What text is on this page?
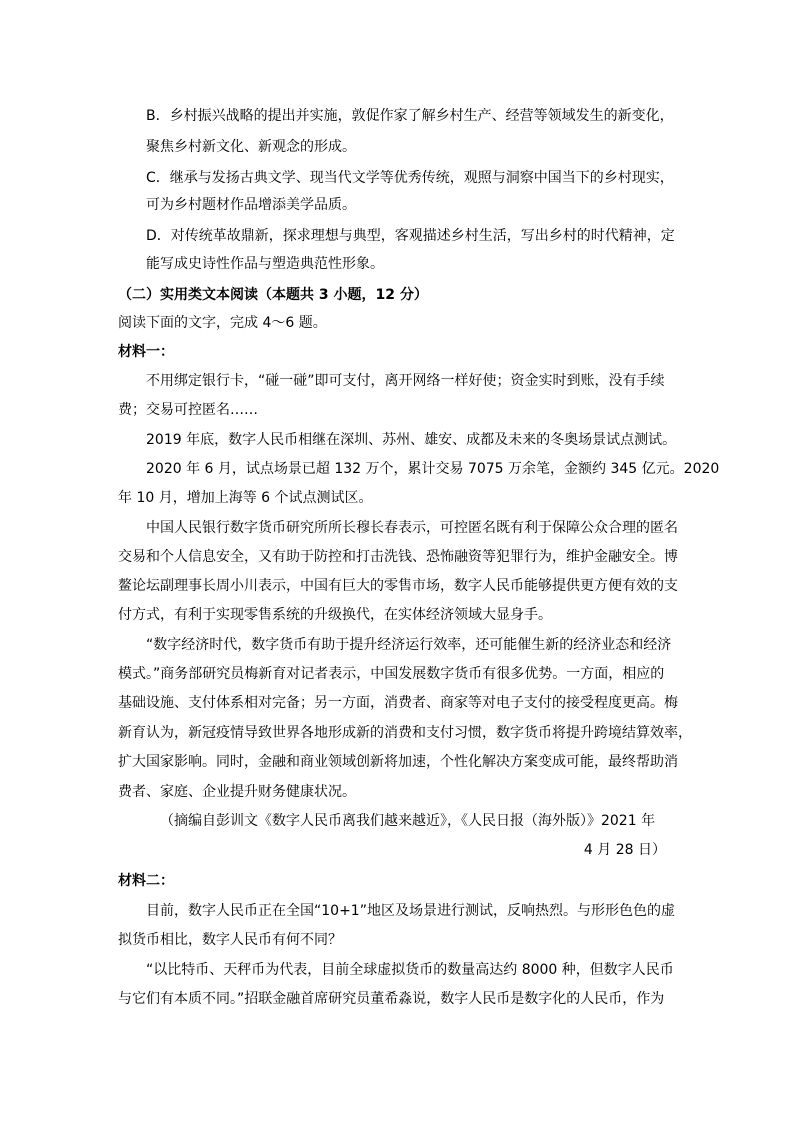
B．乡村振兴战略的提出并实施，敦促作家了解乡村生产、经营等领域发生的新变化，
聚焦乡村新文化、新观念的形成。
C．继承与发扬古典文学、现当代文学等优秀传统，观照与洞察中国当下的乡村现实，
可为乡村题材作品增添美学品质。
D．对传统革故鼎新，探求理想与典型，客观描述乡村生活，写出乡村的时代精神，定
能写成史诗性作品与塑造典范性形象。
（二）实用类文本阅读（本题共 3 小题，12 分）
阅读下面的文字，完成 4～6 题。
材料一：
不用绑定银行卡，“碰一碰”即可支付，离开网络一样好使；资金实时到账，没有手续
费；交易可控匿名……
2019 年底，数字人民币相继在深圳、苏州、雄安、成都及未来的冬奥场景试点测试。
2020 年 6 月，试点场景已超 132 万个，累计交易 7075 万余笔，金额约 345 亿元。2020
年 10 月，增加上海等 6 个试点测试区。
中国人民银行数字货币研究所所长穆长春表示，可控匿名既有利于保障公众合理的匿名
交易和个人信息安全，又有助于防控和打击洗钱、恐怖融资等犯罪行为，维护金融安全。博
鳌论坛副理事长周小川表示，中国有巨大的零售市场，数字人民币能够提供更方便有效的支
付方式，有利于实现零售系统的升级换代，在实体经济领域大显身手。
“数字经济时代，数字货币有助于提升经济运行效率，还可能催生新的经济业态和经济
模式。”商务部研究员梅新育对记者表示，中国发展数字货币有很多优势。一方面，相应的
基础设施、支付体系相对完备；另一方面，消费者、商家等对电子支付的接受程度更高。梅
新育认为，新冠疫情导致世界各地形成新的消费和支付习惯，数字货币将提升跨境结算效率，
扩大国家影响。同时，金融和商业领域创新将加速，个性化解决方案变成可能，最终帮助消
费者、家庭、企业提升财务健康状况。
（摘编自彭训文《数字人民币离我们越来越近》，《人民日报（海外版）》2021 年
4 月 28 日）
材料二：
目前，数字人民币正在全国“10+1”地区及场景进行测试，反响热烈。与形形色色的虚
拟货币相比，数字人民币有何不同？
“以比特币、天秤币为代表，目前全球虚拟货币的数量高达约 8000 种，但数字人民币
与它们有本质不同。”招联金融首席研究员董希淼说，数字人民币是数字化的人民币，作为
